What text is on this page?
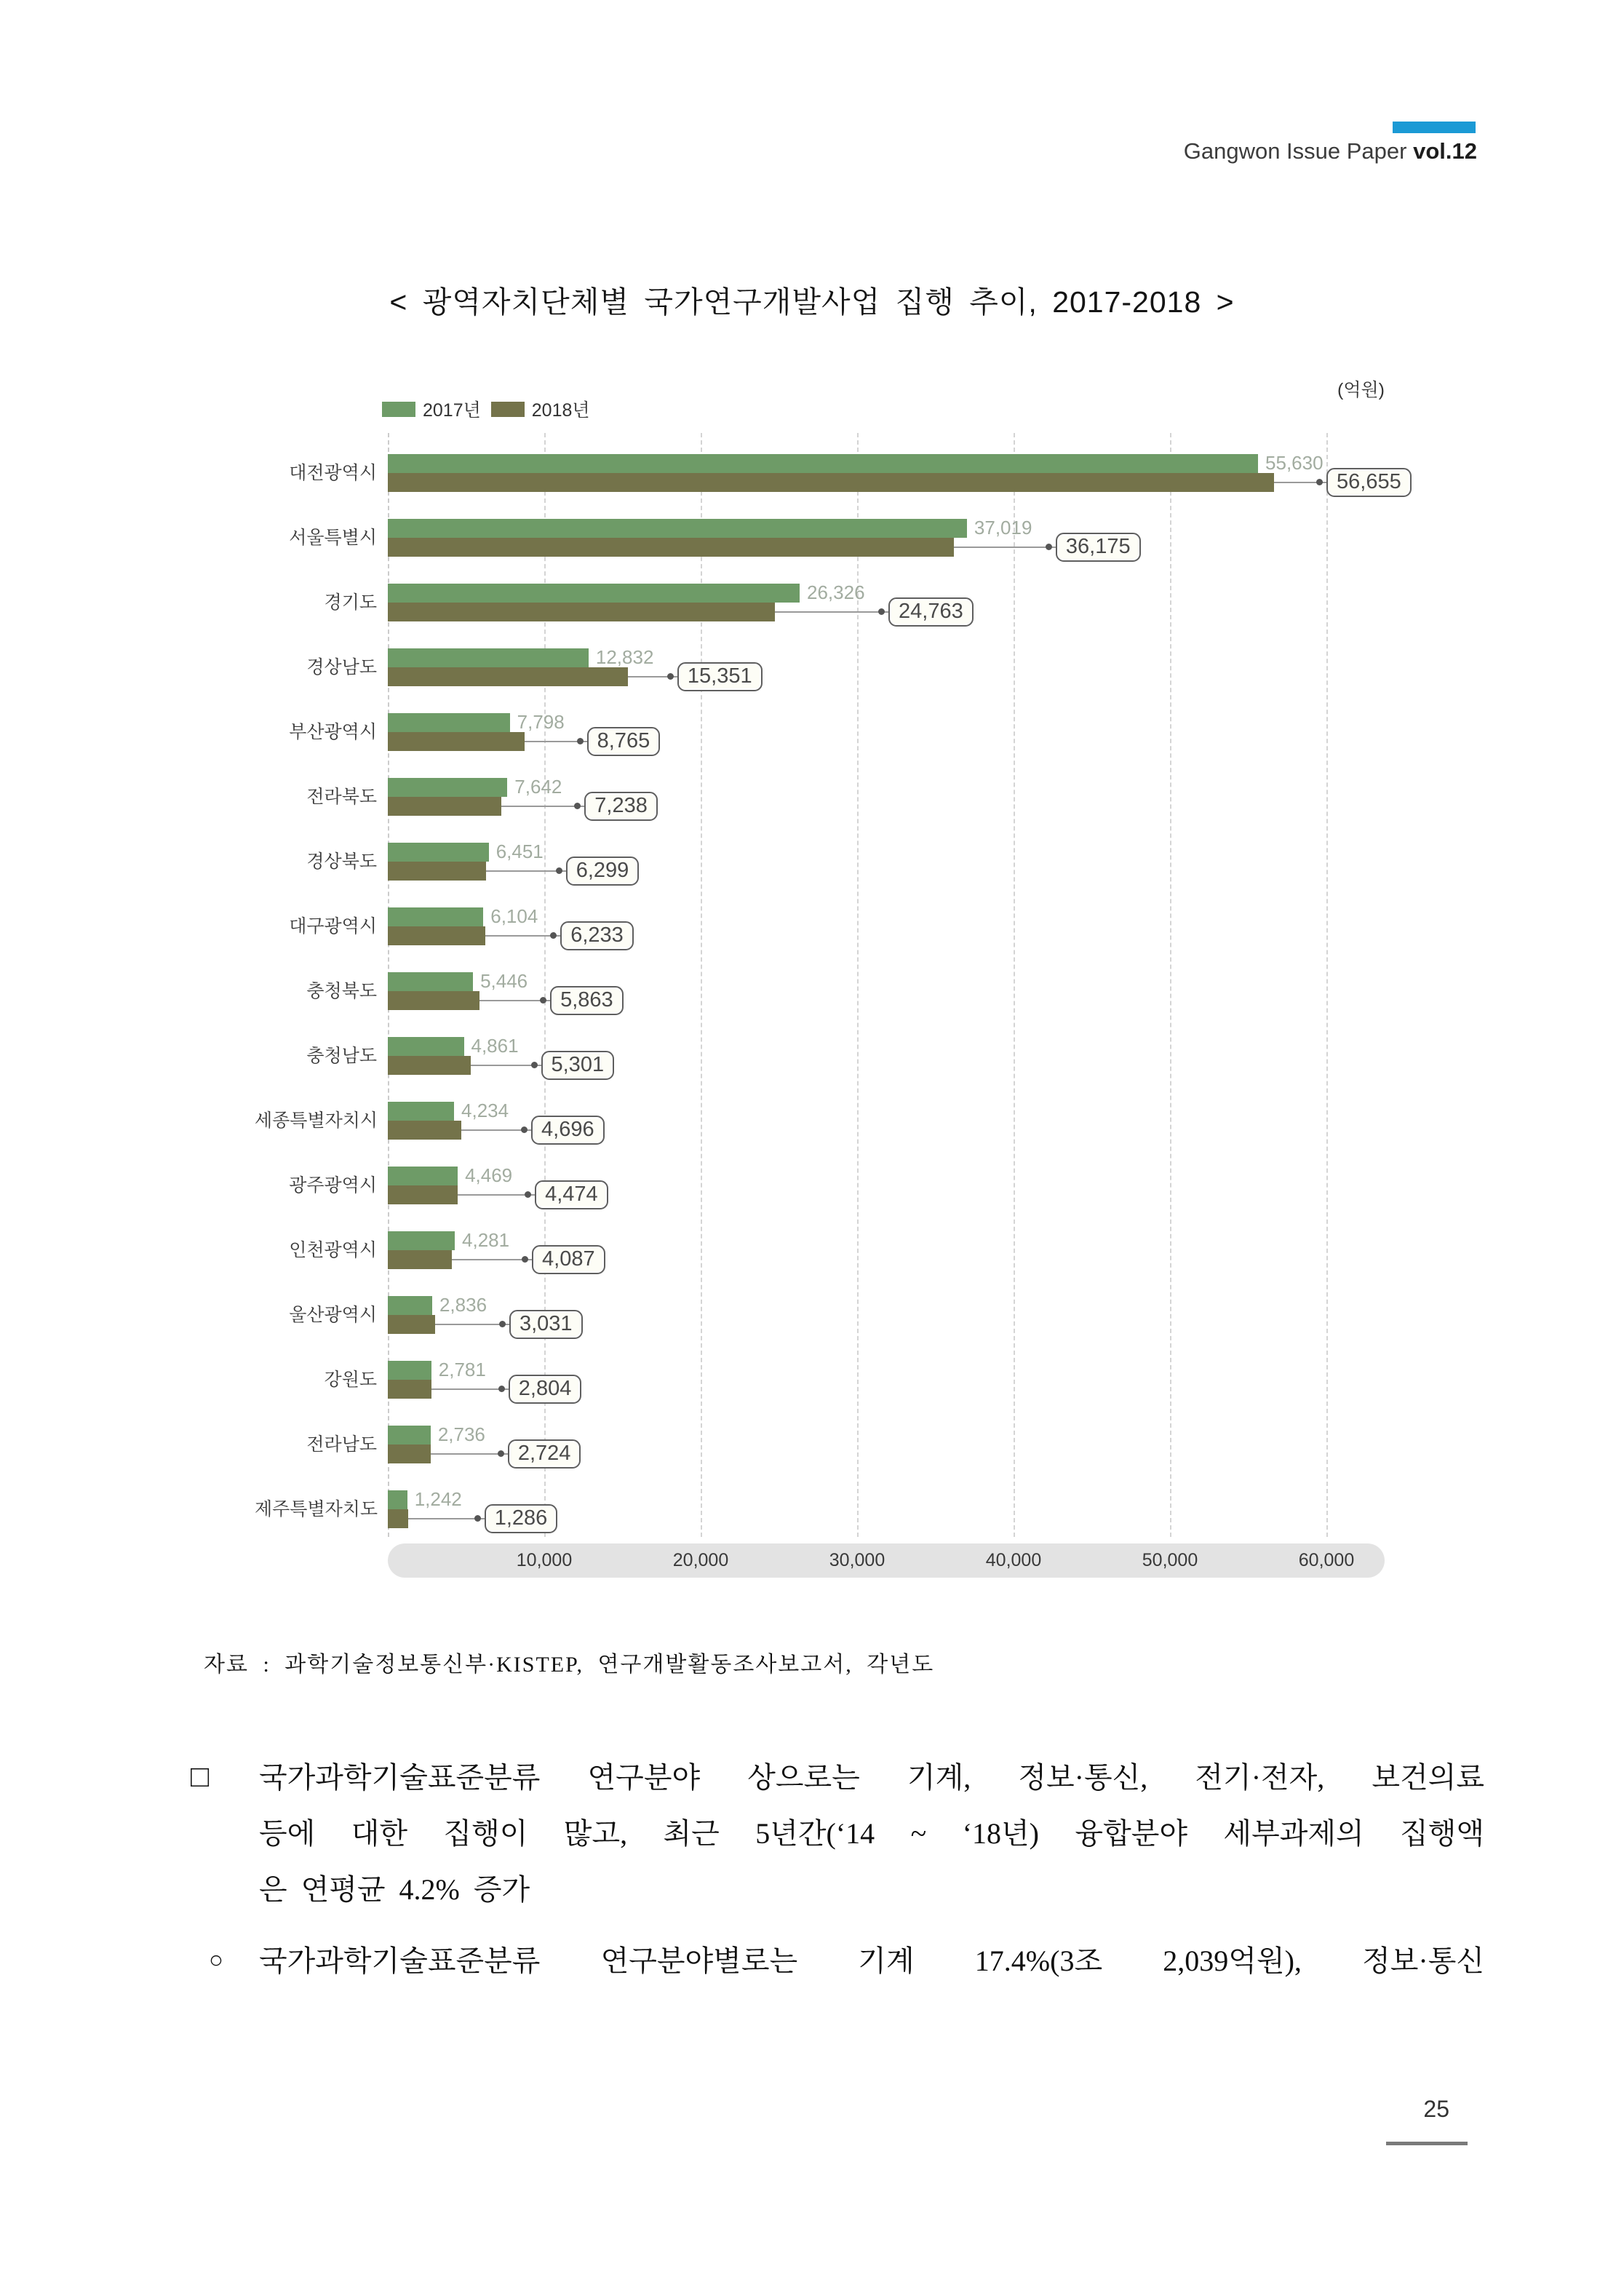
Gangwon Issue Paper vol.12
< 광역자치단체별 국가연구개발사업 집행 추이, 2017-2018 >
2017년	2018년
(억원)
10,000	20,000	30,000	40,000	50,000	60,000
대전광역시	55,630
56,655
서울특별시	37,019
36,175
경기도	26,326
24,763
경상남도	12,832
15,351
부산광역시	7,798
8,765
전라북도	7,642
7,238
경상북도	6,451
6,299
대구광역시	6,104
6,233
충청북도	5,446
5,863
충청남도	4,861
5,301
세종특별자치시	4,234
4,696
광주광역시	4,469
4,474
인천광역시	4,281
4,087
울산광역시	2,836
3,031
강원도	2,781
2,804
전라남도	2,736
2,724
제주특별자치도 1,242
1,286
자료 : 과학기술정보통신부·KISTEP, 연구개발활동조사보고서, 각년도
□ 국가과학기술표준분류 연구분야 상으로는 기계, 정보·통신, 전기·전자, 보건의료
등에 대한 집행이 많고, 최근 5년간(‘14 ~ ‘18년) 융합분야 세부과제의 집행액
은 연평균 4.2% 증가
○ 국가과학기술표준분류 연구분야별로는 기계 17.4%(3조 2,039억원), 정보·통신
25
